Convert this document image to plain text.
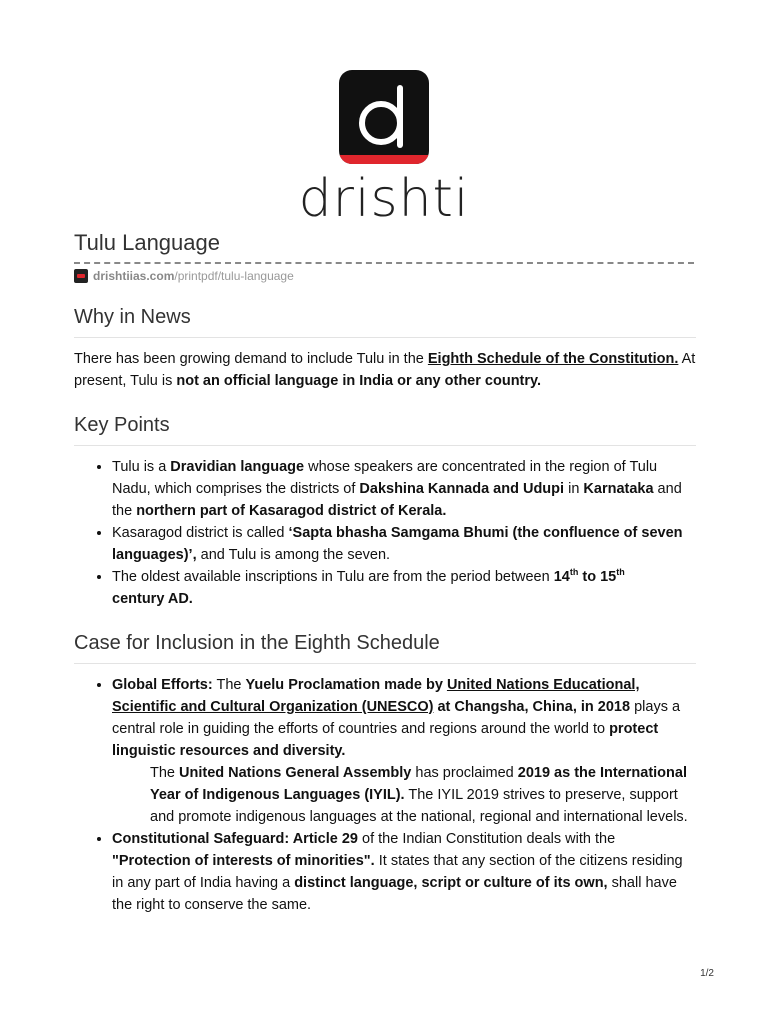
drishti
Tulu Language
drishtiias.com /printpdf/tulu-language
Why in News

There has been growing demand to include Tulu in the Eighth Schedule of the Constitution. At present, Tulu is not an official language in India or any other country.

Key Points
• Tulu is a Dravidian language whose speakers are concentrated in the region of Tulu Nadu, which comprises the districts of Dakshina Kannada and Udupi in Karnataka and the northern part of Kasaragod district of Kerala.
• Kasaragod district is called ‘Sapta bhasha Samgama Bhumi (the confluence of seven languages)’, and Tulu is among the seven.
• The oldest available inscriptions in Tulu are from the period between 14th to 15th
century AD.
Case for Inclusion in the Eighth Schedule
• Global Efforts: The Yuelu Proclamation made by United Nations Educational, Scientific and Cultural Organization (UNESCO) at Changsha, China, in 2018 plays a central role in guiding the efforts of countries and regions around the world to protect linguistic resources and diversity.

The United Nations General Assembly has proclaimed 2019 as the International Year of Indigenous Languages (IYIL). The IYIL 2019 strives to preserve, support and promote indigenous languages at the national, regional and international levels.

• Constitutional Safeguard: Article 29 of the Indian Constitution deals with the "Protection of interests of minorities". It states that any section of the citizens residing in any part of India having a distinct language, script or culture of its own, shall have the right to conserve the same.
1/2
